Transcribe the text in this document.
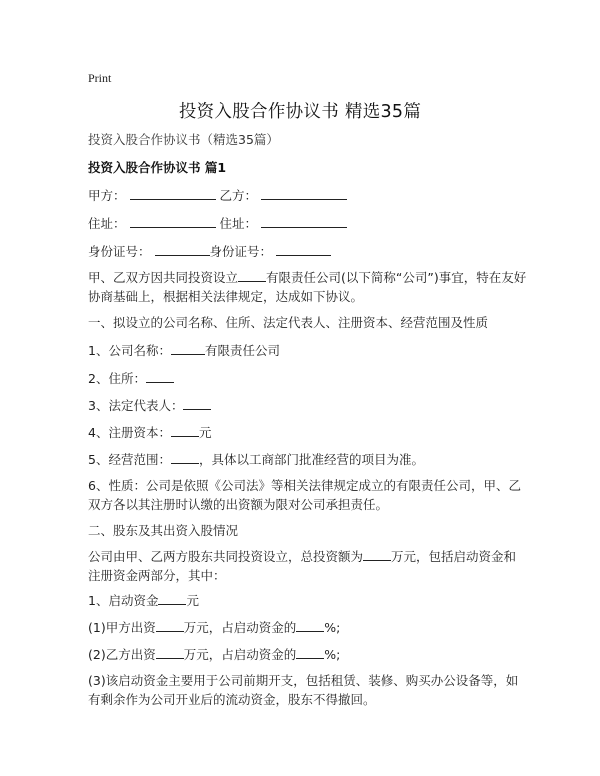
Print
投资入股合作协议书 精选35篇
投资入股合作协议书（精选35篇）
投资入股合作协议书 篇1
甲方：	乙方：
住址：	住址：
身份证号：	身份证号：
甲、乙双方因共同投资设立 有限责任公司(以下简称“公司”)事宜，特在友好协商基础上，根据相关法律规定，达成如下协议。
一、拟设立的公司名称、住所、法定代表人、注册资本、经营范围及性质
1、公司名称：	有限责任公司
2、住所：
3、法定代表人：
4、注册资本： 元
5、经营范围： ，具体以工商部门批准经营的项目为准。
6、性质：公司是依照《公司法》等相关法律规定成立的有限责任公司，甲、乙双方各以其注册时认缴的出资额为限对公司承担责任。
二、股东及其出资入股情况
公司由甲、乙两方股东共同投资设立，总投资额为 万元，包括启动资金和注册资金两部分，其中：
1、启动资金 元
(1)甲方出资 万元，占启动资金的 %;
(2)乙方出资 万元，占启动资金的 %;
(3)该启动资金主要用于公司前期开支，包括租赁、装修、购买办公设备等，如有剩余作为公司开业后的流动资金，股东不得撤回。
